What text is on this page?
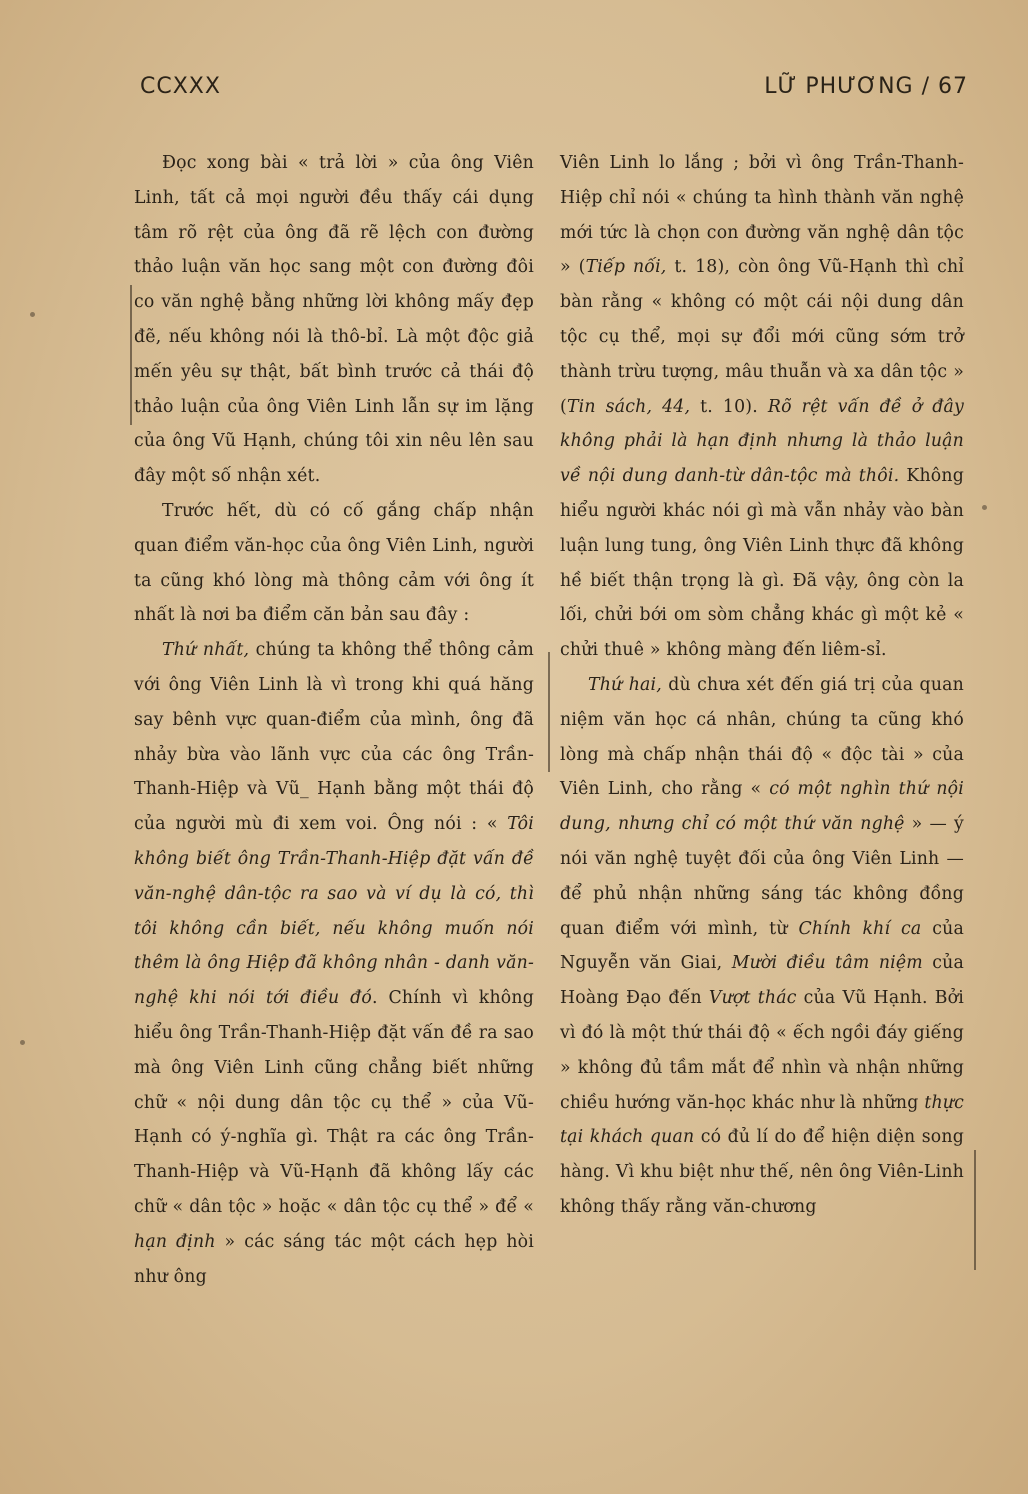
CCXXX	LỮ PHƯƠNG / 67

Đọc xong bài « trả lời » của ông Viên Linh, tất cả mọi người đều thấy cái dụng tâm rõ rệt của ông đã rẽ lệch con đường thảo luận văn học sang một con đường đôi co văn nghệ bằng những lời không mấy đẹp đẽ, nếu không nói là thô-bỉ. Là một độc giả mến yêu sự thật, bất bình trước cả thái độ thảo luận của ông Viên Linh lẫn sự im lặng của ông Vũ Hạnh, chúng tôi xin nêu lên sau đây một số nhận xét.

Trước hết, dù có cố gắng chấp nhận quan điểm văn-học của ông Viên Linh, người ta cũng khó lòng mà thông cảm với ông ít nhất là nơi ba điểm căn bản sau đây :

Thứ nhất, chúng ta không thể thông cảm với ông Viên Linh là vì trong khi quá hăng say bênh vực quan-điểm của mình, ông đã nhảy bừa vào lãnh vực của các ông Trần-Thanh-Hiệp và Vũ_ Hạnh bằng một thái độ của người mù đi xem voi. Ông nói : « Tôi không biết ông Trần-Thanh-Hiệp đặt vấn đề văn-nghệ dân-tộc ra sao và ví dụ là có, thì tôi không cần biết, nếu không muốn nói thêm là ông Hiệp đã không nhân - danh văn-nghệ khi nói tới điều đó. Chính vì không hiểu ông Trần-Thanh-Hiệp đặt vấn đề ra sao mà ông Viên Linh cũng chẳng biết những chữ « nội dung dân tộc cụ thể » của Vũ-Hạnh có ý-nghĩa gì. Thật ra các ông Trần-Thanh-Hiệp và Vũ-Hạnh đã không lấy các chữ « dân tộc » hoặc « dân tộc cụ thể » để « hạn định » các sáng tác một cách hẹp hòi như ông

Viên Linh lo lắng ; bởi vì ông Trần-Thanh-Hiệp chỉ nói « chúng ta hình thành văn nghệ mới tức là chọn con đường văn nghệ dân tộc » (Tiếp nối, t. 18), còn ông Vũ-Hạnh thì chỉ bàn rằng « không có một cái nội dung dân tộc cụ thể, mọi sự đổi mới cũng sớm trở thành trừu tượng, mâu thuẫn và xa dân tộc » (Tin sách, 44, t. 10). Rõ rệt vấn đề ở đây không phải là hạn định nhưng là thảo luận về nội dung danh-từ dân-tộc mà thôi. Không hiểu người khác nói gì mà vẫn nhảy vào bàn luận lung tung, ông Viên Linh thực đã không hề biết thận trọng là gì. Đã vậy, ông còn la lối, chửi bới om sòm chẳng khác gì một kẻ « chửi thuê » không màng đến liêm-sỉ.

Thứ hai, dù chưa xét đến giá trị của quan niệm văn học cá nhân, chúng ta cũng khó lòng mà chấp nhận thái độ « độc tài » của Viên Linh, cho rằng « có một nghìn thứ nội dung, nhưng chỉ có một thứ văn nghệ » — ý nói văn nghệ tuyệt đối của ông Viên Linh — để phủ nhận những sáng tác không đồng quan điểm với mình, từ Chính khí ca của Nguyễn văn Giai, Mười điều tâm niệm của Hoàng Đạo đến Vượt thác của Vũ Hạnh. Bởi vì đó là một thứ thái độ « ếch ngồi đáy giếng » không đủ tầm mắt để nhìn và nhận những chiều hướng văn-học khác như là những thực tại khách quan có đủ lí do để hiện diện song hàng. Vì khu biệt như thế, nên ông Viên-Linh không thấy rằng văn-chương
